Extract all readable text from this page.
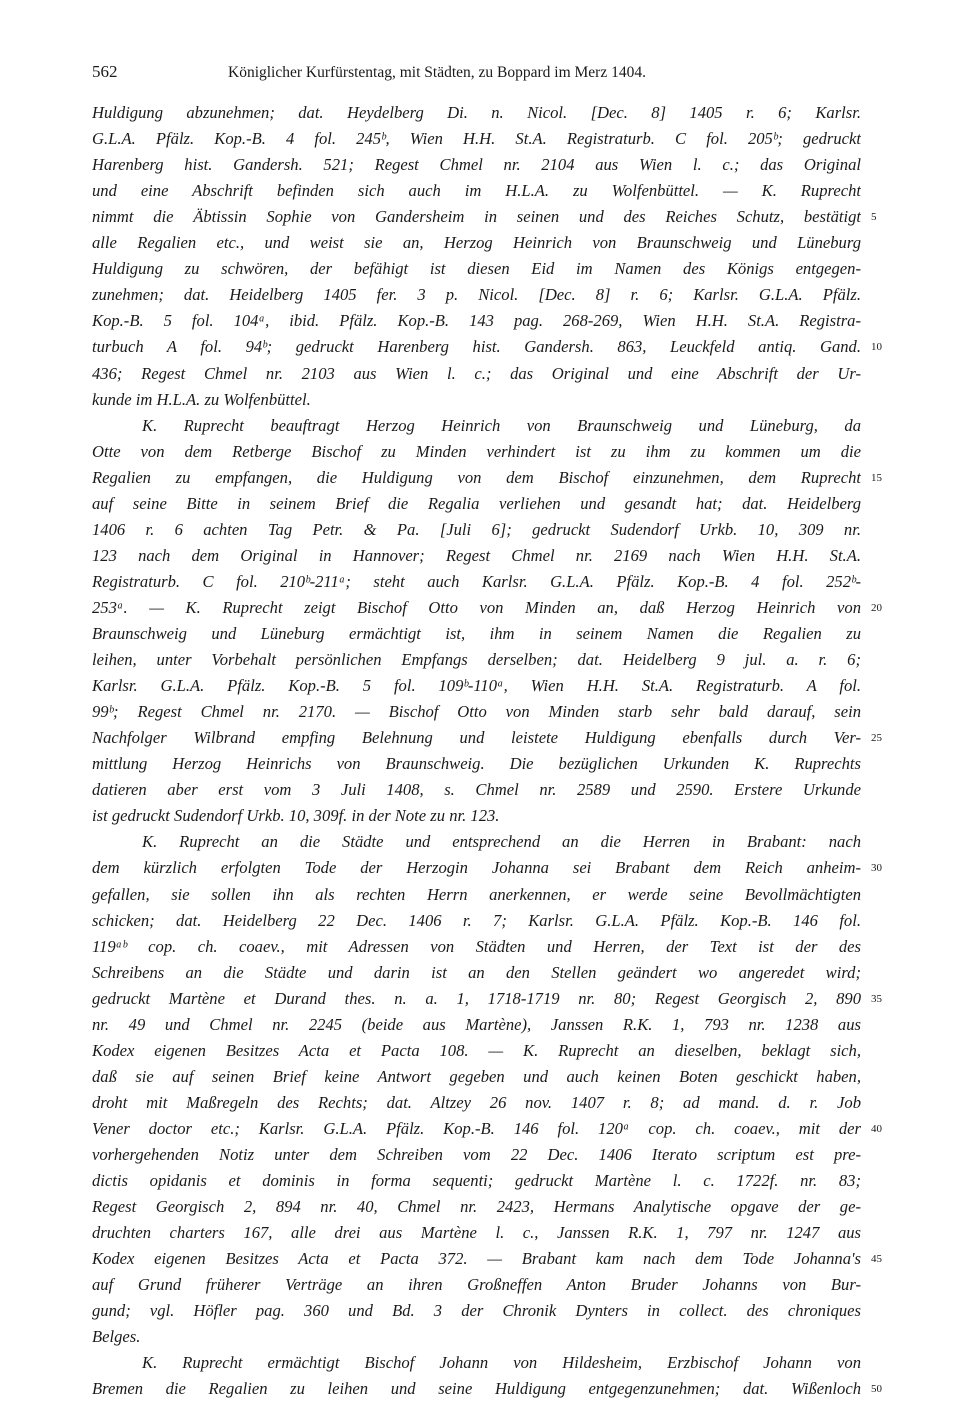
562	Königlicher Kurfürstentag, mit Städten, zu Boppard im Merz 1404.
Huldigung abzunehmen; dat. Heydelberg Di. n. Nicol. [Dec. 8] 1405 r. 6; Karlsr.
G.L.A. Pfälz. Kop.-B. 4 fol. 245ᵇ, Wien H.H. St.A. Registraturb. C fol. 205ᵇ; gedruckt
Harenberg hist. Gandersh. 521; Regest Chmel nr. 2104 aus Wien l. c.; das Original
und eine Abschrift befinden sich auch im H.L.A. zu Wolfenbüttel. — K. Ruprecht
nimmt die Äbtissin Sophie von Gandersheim in seinen und des Reiches Schutz, bestätigt
alle Regalien etc., und weist sie an, Herzog Heinrich von Braunschweig und Lüneburg
Huldigung zu schwören, der befähigt ist diesen Eid im Namen des Königs entgegen-
zunehmen; dat. Heidelberg 1405 fer. 3 p. Nicol. [Dec. 8] r. 6; Karlsr. G.L.A. Pfälz.
Kop.-B. 5 fol. 104ᵃ, ibid. Pfälz. Kop.-B. 143 pag. 268-269, Wien H.H. St.A. Registra-
turbuch A fol. 94ᵇ; gedruckt Harenberg hist. Gandersh. 863, Leuckfeld antiq. Gand.
436; Regest Chmel nr. 2103 aus Wien l. c.; das Original und eine Abschrift der Ur-
kunde im H.L.A. zu Wolfenbüttel.
K. Ruprecht beauftragt Herzog Heinrich von Braunschweig und Lüneburg, da
Otte von dem Retberge Bischof zu Minden verhindert ist zu ihm zu kommen um die
Regalien zu empfangen, die Huldigung von dem Bischof einzunehmen, dem Ruprecht
auf seine Bitte in seinem Brief die Regalia verliehen und gesandt hat; dat. Heidelberg
1406 r. 6 achten Tag Petr. & Pa. [Juli 6]; gedruckt Sudendorf Urkb. 10, 309 nr.
123 nach dem Original in Hannover; Regest Chmel nr. 2169 nach Wien H.H. St.A.
Registraturb. C fol. 210ᵇ-211ᵃ; steht auch Karlsr. G.L.A. Pfälz. Kop.-B. 4 fol. 252ᵇ-
253ᵃ. — K. Ruprecht zeigt Bischof Otto von Minden an, daß Herzog Heinrich von
Braunschweig und Lüneburg ermächtigt ist, ihm in seinem Namen die Regalien zu
leihen, unter Vorbehalt persönlichen Empfangs derselben; dat. Heidelberg 9 jul. a. r. 6;
Karlsr. G.L.A. Pfälz. Kop.-B. 5 fol. 109ᵇ-110ᵃ, Wien H.H. St.A. Registraturb. A fol.
99ᵇ; Regest Chmel nr. 2170. — Bischof Otto von Minden starb sehr bald darauf, sein
Nachfolger Wilbrand empfing Belehnung und leistete Huldigung ebenfalls durch Ver-
mittlung Herzog Heinrichs von Braunschweig. Die bezüglichen Urkunden K. Ruprechts
datieren aber erst vom 3 Juli 1408, s. Chmel nr. 2589 und 2590. Erstere Urkunde
ist gedruckt Sudendorf Urkb. 10, 309f. in der Note zu nr. 123.
K. Ruprecht an die Städte und entsprechend an die Herren in Brabant: nach
dem kürzlich erfolgten Tode der Herzogin Johanna sei Brabant dem Reich anheim-
gefallen, sie sollen ihn als rechten Herrn anerkennen, er werde seine Bevollmächtigten
schicken; dat. Heidelberg 22 Dec. 1406 r. 7; Karlsr. G.L.A. Pfälz. Kop.-B. 146 fol.
119ᵃᵇ cop. ch. coaev., mit Adressen von Städten und Herren, der Text ist der des
Schreibens an die Städte und darin ist an den Stellen geändert wo angeredet wird;
gedruckt Martène et Durand thes. n. a. 1, 1718-1719 nr. 80; Regest Georgisch 2, 890
nr. 49 und Chmel nr. 2245 (beide aus Martène), Janssen R.K. 1, 793 nr. 1238 aus
Kodex eigenen Besitzes Acta et Pacta 108. — K. Ruprecht an dieselben, beklagt sich,
daß sie auf seinen Brief keine Antwort gegeben und auch keinen Boten geschickt haben,
droht mit Maßregeln des Rechts; dat. Altzey 26 nov. 1407 r. 8; ad mand. d. r. Job
Vener doctor etc.; Karlsr. G.L.A. Pfälz. Kop.-B. 146 fol. 120ᵃ cop. ch. coaev., mit der
vorhergehenden Notiz unter dem Schreiben vom 22 Dec. 1406 Iterato scriptum est pre-
dictis opidanis et dominis in forma sequenti; gedruckt Martène l. c. 1722f. nr. 83;
Regest Georgisch 2, 894 nr. 40, Chmel nr. 2423, Hermans Analytische opgave der ge-
druchten charters 167, alle drei aus Martène l. c., Janssen R.K. 1, 797 nr. 1247 aus
Kodex eigenen Besitzes Acta et Pacta 372. — Brabant kam nach dem Tode Johanna's
auf Grund früherer Verträge an ihren Großneffen Anton Bruder Johanns von Bur-
gund; vgl. Höfler pag. 360 und Bd. 3 der Chronik Dynters in collect. des chroniques
Belges.
K. Ruprecht ermächtigt Bischof Johann von Hildesheim, Erzbischof Johann von
Bremen die Regalien zu leihen und seine Huldigung entgegenzunehmen; dat. Wißenloch
5
10
15
20
25
30
35
40
45
50
